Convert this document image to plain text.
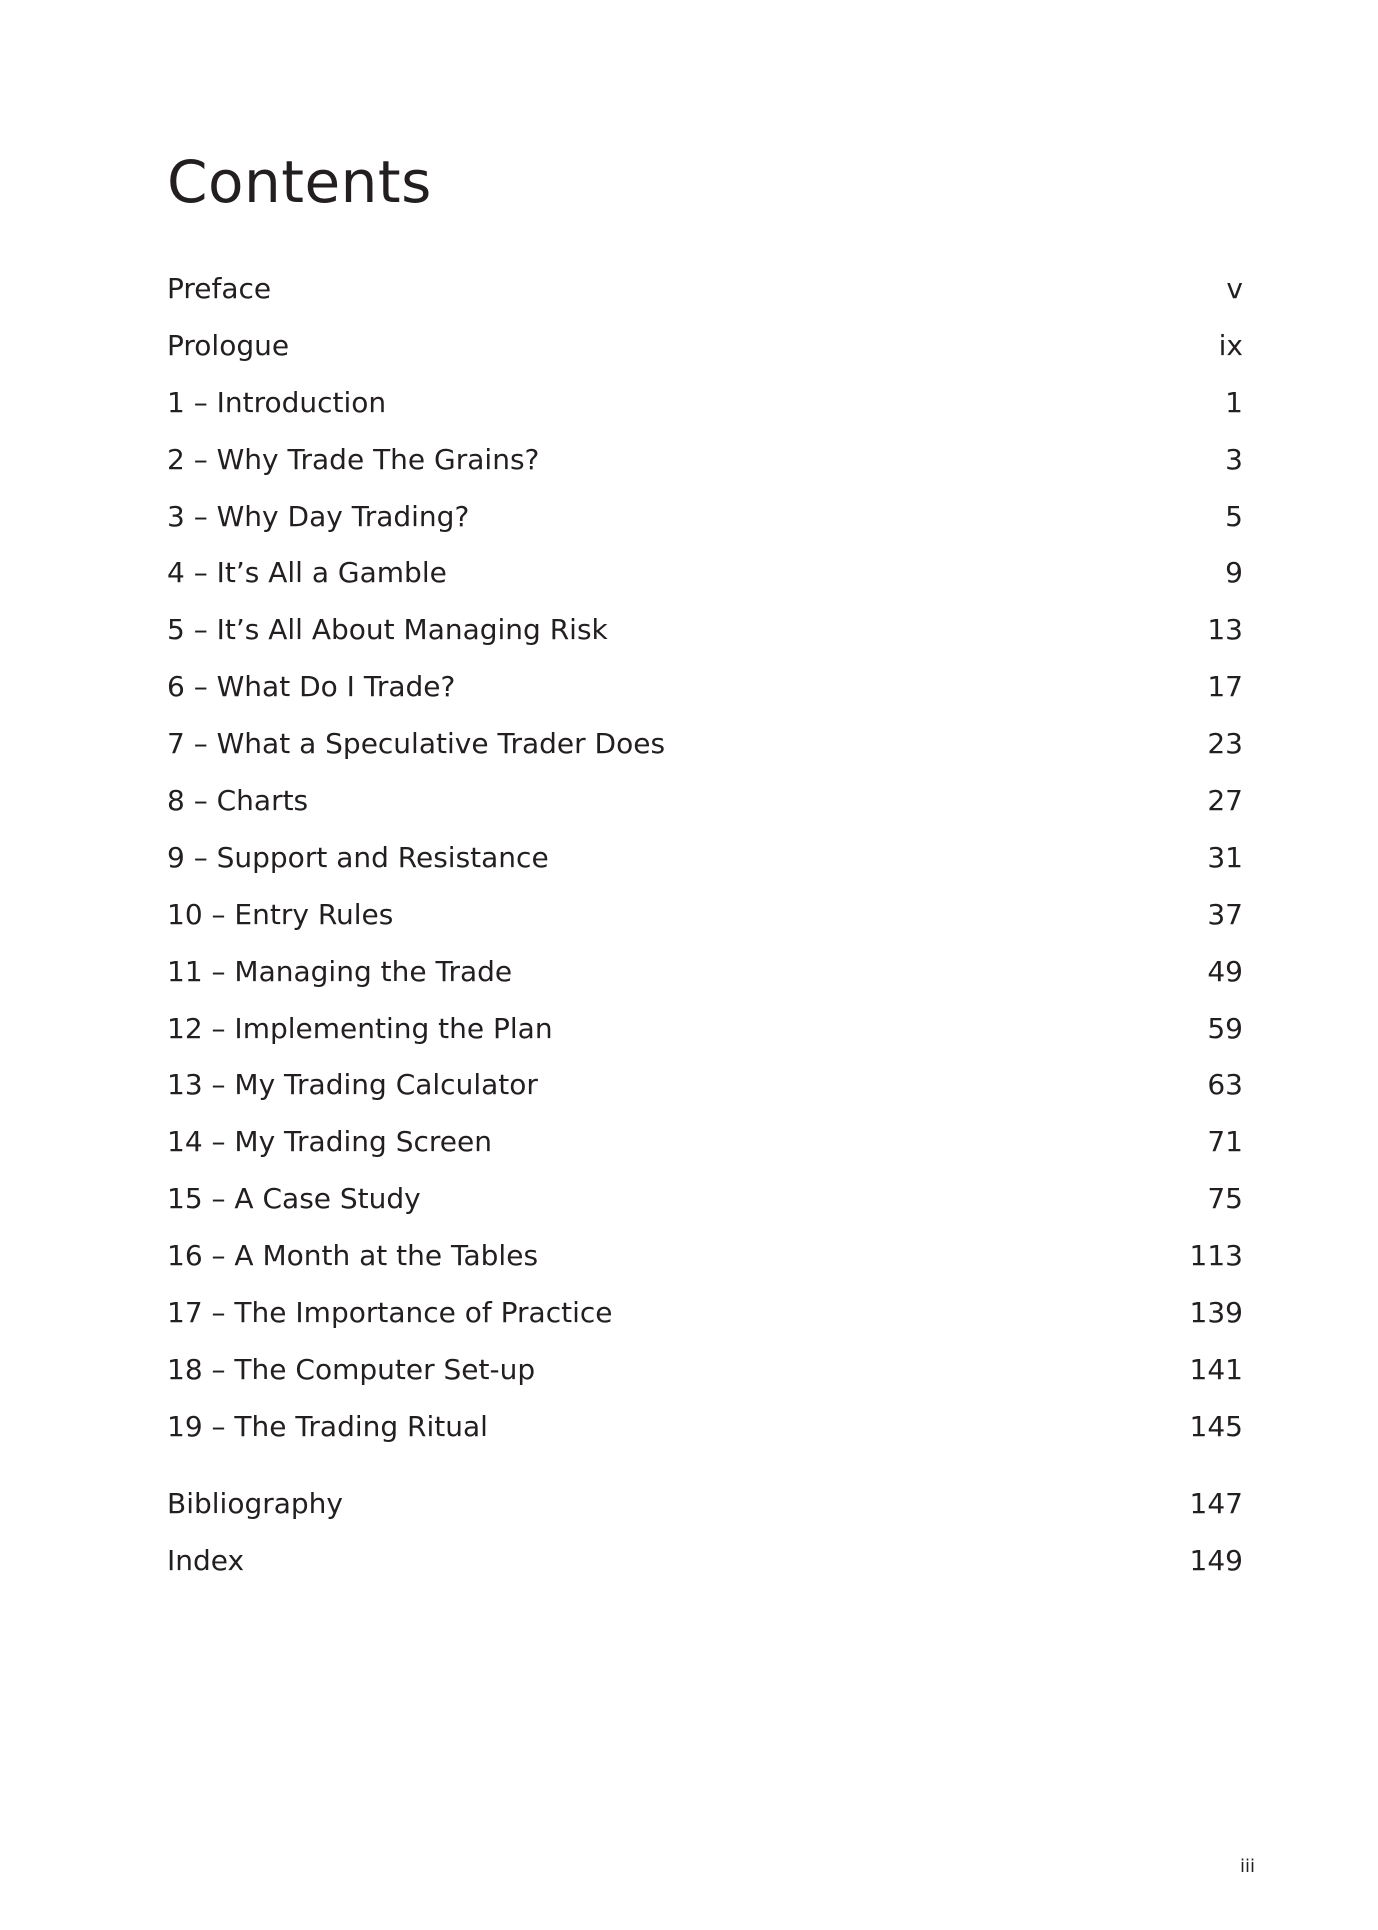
Contents
Preface	v
Prologue	ix
1 – Introduction	1
2 – Why Trade The Grains?	3
3 – Why Day Trading?	5
4 – It’s All a Gamble	9
5 – It’s All About Managing Risk	13
6 – What Do I Trade?	17
7 – What a Speculative Trader Does	23
8 – Charts	27
9 – Support and Resistance	31
10 – Entry Rules	37
11 – Managing the Trade	49
12 – Implementing the Plan	59
13 – My Trading Calculator	63
14 – My Trading Screen	71
15 – A Case Study	75
16 – A Month at the Tables	113
17 – The Importance of Practice	139
18 – The Computer Set-up	141
19 – The Trading Ritual	145
Bibliography	147
Index	149
iii
